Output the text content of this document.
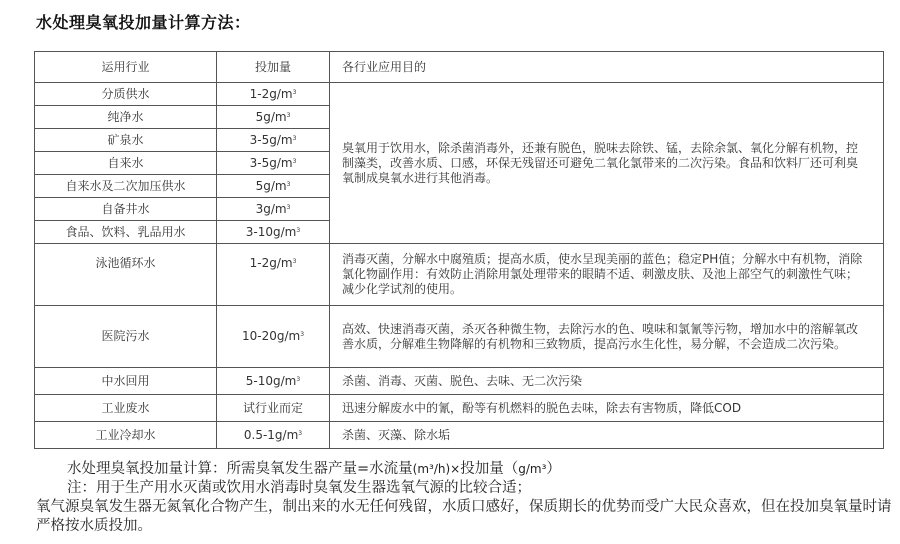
水处理臭氧投加量计算方法：
运用行业	投加量	各行业应用目的
分质供水	$1-2g/m^3$	臭氧用于饮用水，除杀菌消毒外，还兼有脱色，脱味去除铁、锰，去除余氯、氧化分解有机物，控制藻类，改善水质、口感，环保无残留还可避免二氧化氯带来的二次污染。食品和饮料厂还可利臭氧制成臭氧水进行其他消毒。
纯净水	$5g/m^3$
矿泉水	$3-5g/m^3$
自来水	$3-5g/m^3$
自来水及二次加压供水	$5g/m^3$
自备井水	$3g/m^3$
食品、饮料、乳品用水	$3-10g/m^3$
泳池循环水	$1-2g/m^3$	消毒灭菌，分解水中腐殖质；提高水质，使水呈现美丽的蓝色；稳定PH值；分解水中有机物，消除氯化物副作用：有效防止消除用氯处理带来的眼睛不适、刺激皮肤、及池上部空气的刺激性气味；减少化学试剂的使用。
医院污水	$10-20g/m^3$	高效、快速消毒灭菌，杀灭各种微生物，去除污水的色、嗅味和氯氰等污物，增加水中的溶解氧改善水质，分解难生物降解的有机物和三致物质，提高污水生化性，易分解，不会造成二次污染。
中水回用	$5-10g/m^3$	杀菌、消毒、灭菌、脱色、去味、无二次污染
工业废水	试行业而定	迅速分解废水中的氰，酚等有机燃料的脱色去味，除去有害物质，降低COD
工业冷却水	$0.5-1g/m^3$	杀菌、灭藻、除水垢
水处理臭氧投加量计算：所需臭氧发生器产量=水流量(m³/h)×投加量（g/m³）
注：用于生产用水灭菌或饮用水消毒时臭氧发生器选氧气源的比较合适；
氧气源臭氧发生器无氮氧化合物产生，制出来的水无任何残留，水质口感好，保质期长的优势而受广大民众喜欢，但在投加臭氧量时请严格按水质投加。
